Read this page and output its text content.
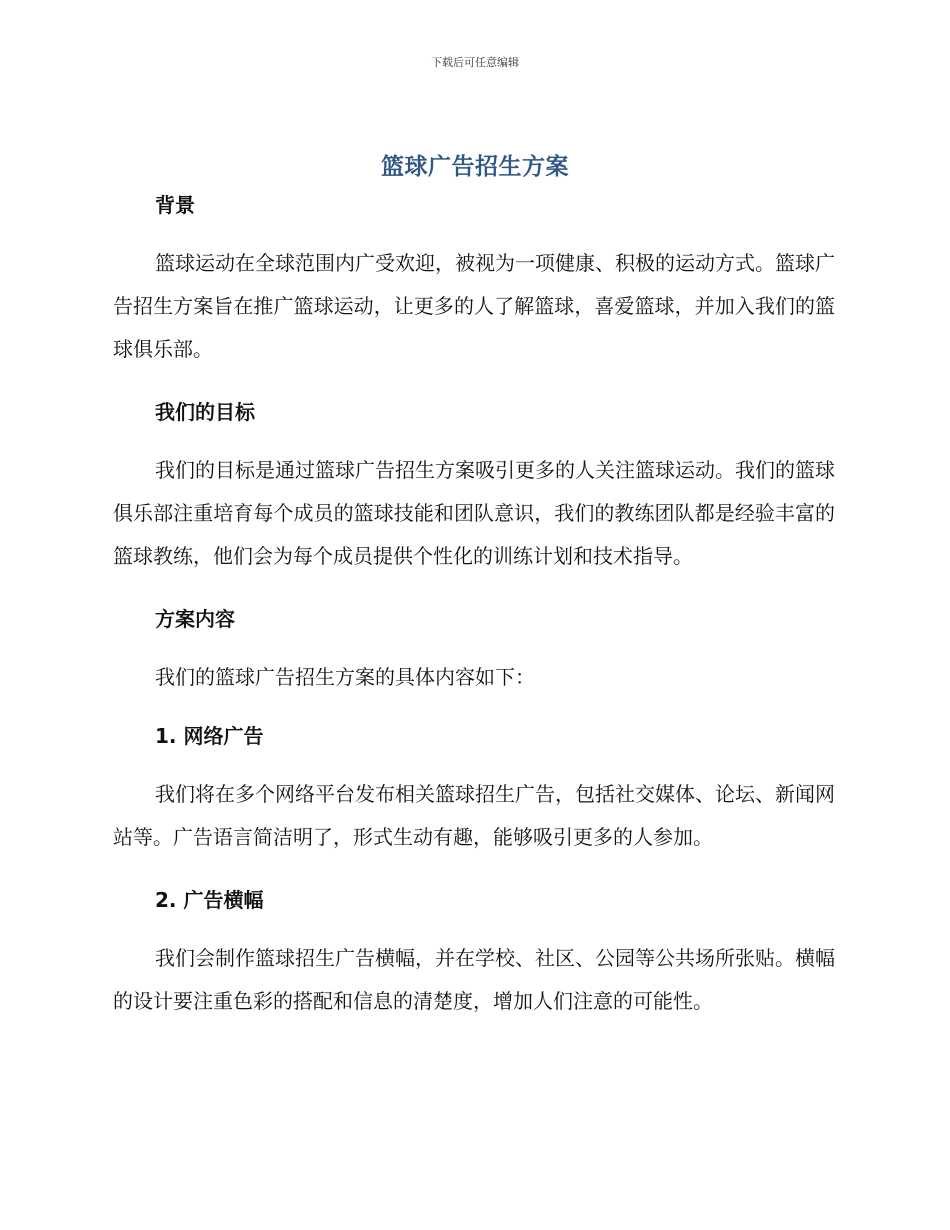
下载后可任意编辑
篮球广告招生方案
背景

篮球运动在全球范围内广受欢迎，被视为一项健康、积极的运动方式。篮球广告招生方案旨在推广篮球运动，让更多的人了解篮球，喜爱篮球，并加入我们的篮球俱乐部。

我们的目标

我们的目标是通过篮球广告招生方案吸引更多的人关注篮球运动。我们的篮球俱乐部注重培育每个成员的篮球技能和团队意识，我们的教练团队都是经验丰富的篮球教练，他们会为每个成员提供个性化的训练计划和技术指导。

方案内容

我们的篮球广告招生方案的具体内容如下：

1. 网络广告

我们将在多个网络平台发布相关篮球招生广告，包括社交媒体、论坛、新闻网站等。广告语言简洁明了，形式生动有趣，能够吸引更多的人参加。

2. 广告横幅

我们会制作篮球招生广告横幅，并在学校、社区、公园等公共场所张贴。横幅的设计要注重色彩的搭配和信息的清楚度，增加人们注意的可能性。
